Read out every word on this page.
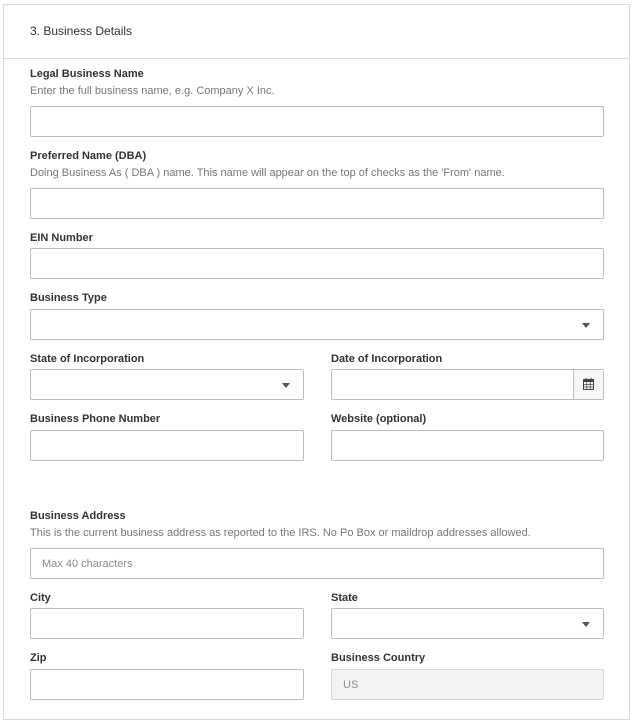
3. Business Details
Legal Business Name
Enter the full business name, e.g. Company X Inc.
Preferred Name (DBA)
Doing Business As ( DBA ) name. This name will appear on the top of checks as the 'From' name.
EIN Number
Business Type
State of Incorporation	Date of Incorporation
Business Phone Number	Website (optional)
Business Address
This is the current business address as reported to the IRS. No Po Box or maildrop addresses allowed.
Max 40 characters
City	State
Zip	Business Country
US
